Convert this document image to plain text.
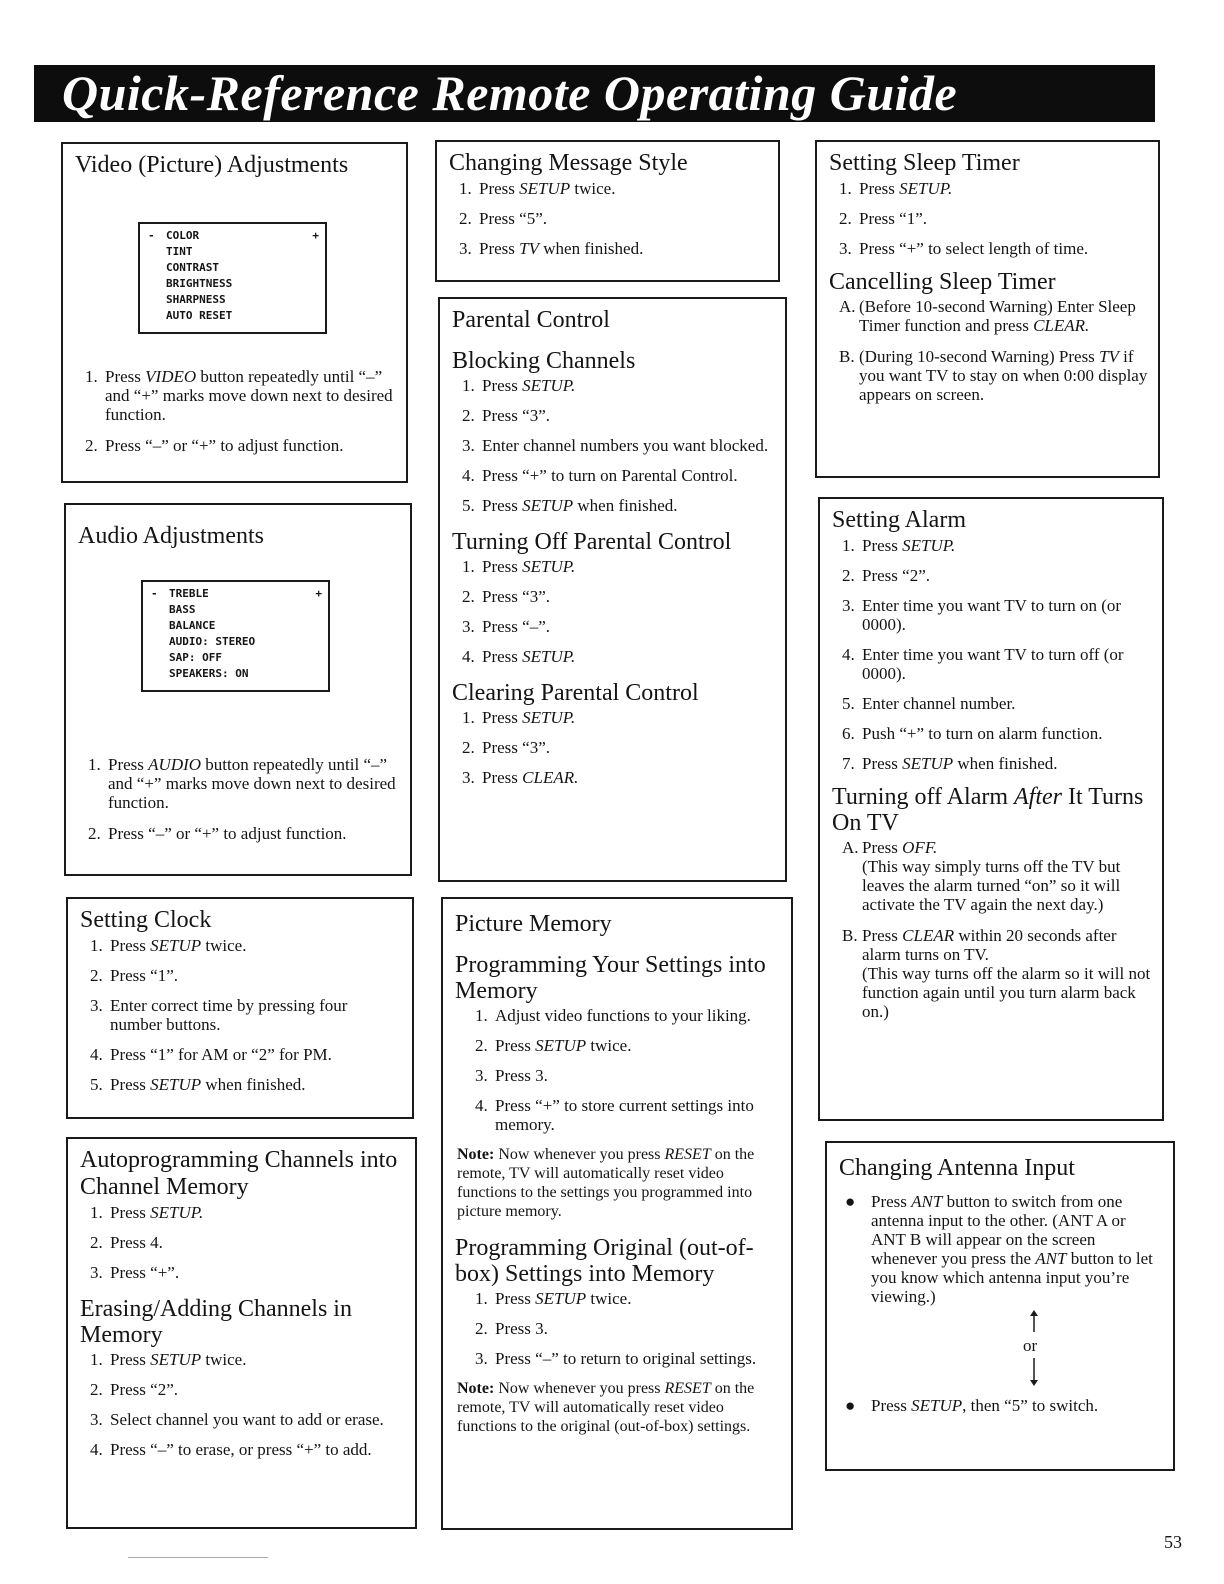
Quick-Reference Remote Operating Guide
Video (Picture) Adjustments
- COLOR	+
TINT
CONTRAST
BRIGHTNESS
SHARPNESS
AUTO RESET
1. Press VIDEO button repeatedly until “–” and “+” marks move down next to desired function.
2. Press “–” or “+” to adjust function.
Audio Adjustments
- TREBLE	+
BASS
BALANCE
AUDIO: STEREO
SAP: OFF
SPEAKERS: ON
1. Press AUDIO button repeatedly until “–” and “+” marks move down next to desired function.
2. Press “–” or “+” to adjust function.
Setting Clock
1. Press SETUP twice.
2. Press “1”.
3. Enter correct time by pressing four number buttons.
4. Press “1” for AM or “2” for PM.
5. Press SETUP when finished.
Autoprogramming Channels into Channel Memory
1. Press SETUP.
2. Press 4.
3. Press “+”.
Erasing/Adding Channels in Memory
1. Press SETUP twice.
2. Press “2”.
3. Select channel you want to add or erase.
4. Press “–” to erase, or press “+” to add.
Changing Message Style
1. Press SETUP twice.
2. Press “5”.
3. Press TV when finished.
Parental Control
Blocking Channels
1. Press SETUP.
2. Press “3”.
3. Enter channel numbers you want blocked.
4. Press “+” to turn on Parental Control.
5. Press SETUP when finished.
Turning Off Parental Control
1. Press SETUP.
2. Press “3”.
3. Press “–”.
4. Press SETUP.
Clearing Parental Control
1. Press SETUP.
2. Press “3”.
3. Press CLEAR.
Picture Memory
Programming Your Settings into Memory
1. Adjust video functions to your liking.
2. Press SETUP twice.
3. Press 3.
4. Press “+” to store current settings into memory.
Note: Now whenever you press RESET on the remote, TV will automatically reset video functions to the settings you programmed into picture memory.
Programming Original (out-of-box) Settings into Memory
1. Press SETUP twice.
2. Press 3.
3. Press “–” to return to original settings.
Note: Now whenever you press RESET on the remote, TV will automatically reset video functions to the original (out-of-box) settings.
Setting Sleep Timer
1. Press SETUP.
2. Press “1”.
3. Press “+” to select length of time.
Cancelling Sleep Timer
A. (Before 10-second Warning) Enter Sleep Timer function and press CLEAR.
B. (During 10-second Warning) Press TV if you want TV to stay on when 0:00 display appears on screen.
Setting Alarm
1. Press SETUP.
2. Press “2”.
3. Enter time you want TV to turn on (or 0000).
4. Enter time you want TV to turn off (or 0000).
5. Enter channel number.
6. Push “+” to turn on alarm function.
7. Press SETUP when finished.
Turning off Alarm After It Turns On TV
A. Press OFF.
(This way simply turns off the TV but leaves the alarm turned “on” so it will activate the TV again the next day.)
B. Press CLEAR within 20 seconds after alarm turns on TV.
(This way turns off the alarm so it will not function again until you turn alarm back on.)
Changing Antenna Input
● Press ANT button to switch from one antenna input to the other. (ANT A or ANT B will appear on the screen whenever you press the ANT button to let you know which antenna input you’re viewing.)
or
● Press SETUP, then “5” to switch.
53
